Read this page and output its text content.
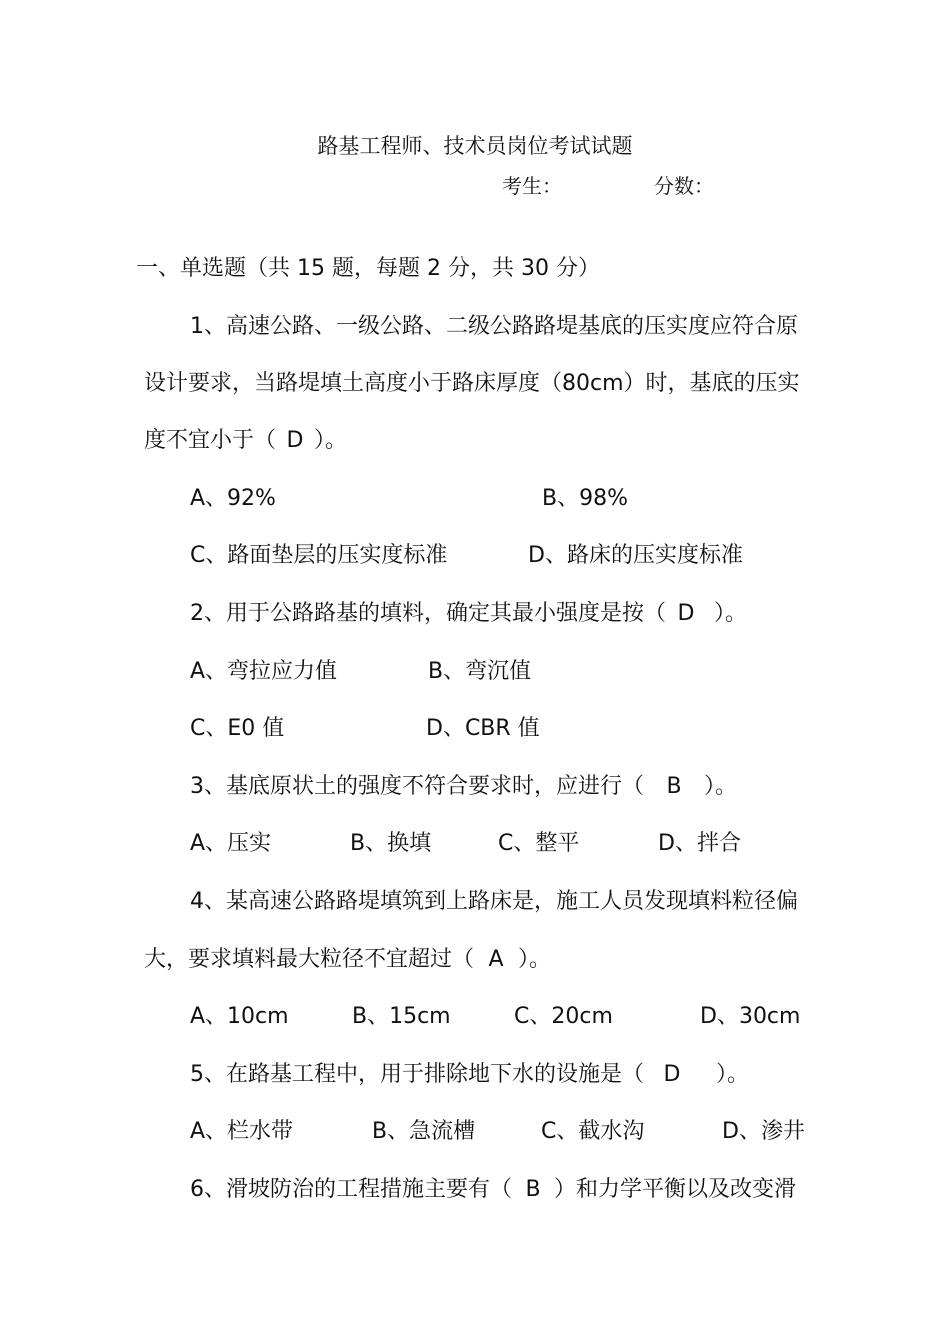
路基工程师、技术员岗位考试试题
考生：	分数：
一、单选题（共 15 题，每题 2 分，共 30 分）
1、高速公路、一级公路、二级公路路堤基底的压实度应符合原
设计要求，当路堤填土高度小于路床厚度（80cm）时，基底的压实
度不宜小于（ D ）。
A、92%	B、98%
C、路面垫层的压实度标准	D、路床的压实度标准
2、用于公路路基的填料，确定其最小强度是按（ D ）。
A、弯拉应力值	B、弯沉值
C、E0 值	D、CBR 值
3、基底原状土的强度不符合要求时，应进行（ B ）。
A、压实	B、换填	C、整平	D、拌合
4、某高速公路路堤填筑到上路床是，施工人员发现填料粒径偏
大，要求填料最大粒径不宜超过（ A ）。
A、10cm	B、15cm	C、20cm	D、30cm
5、在路基工程中，用于排除地下水的设施是（ D ）。
A、栏水带	B、急流槽	C、截水沟	D、渗井
6、滑坡防治的工程措施主要有（ B ）和力学平衡以及改变滑
